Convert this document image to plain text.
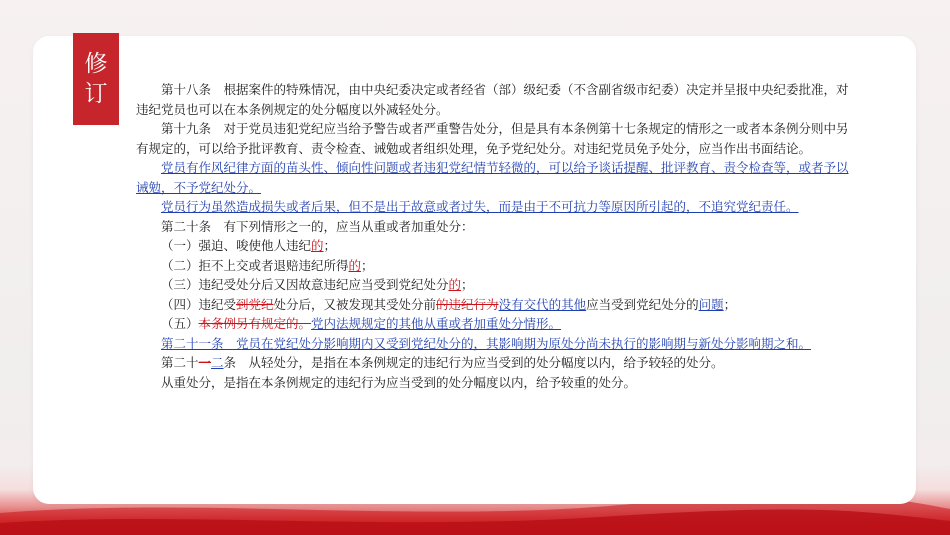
修
订	第十八条　根据案件的特殊情况，由中央纪委决定或者经省（部）级纪委（不含副省级市纪委）决定并呈报中央纪委批准，对违纪党员也可以在本条例规定的处分幅度以外减轻处分。

第十九条　对于党员违犯党纪应当给予警告或者严重警告处分，但是具有本条例第十七条规定的情形之一或者本条例分则中另有规定的，可以给予批评教育、责令检查、诫勉或者组织处理，免予党纪处分。对违纪党员免予处分，应当作出书面结论。

党员有作风纪律方面的苗头性、倾向性问题或者违犯党纪情节轻微的，可以给予谈话提醒、批评教育、责令检查等，或者予以诫勉，不予党纪处分。

党员行为虽然造成损失或者后果，但不是出于故意或者过失，而是由于不可抗力等原因所引起的，不追究党纪责任。

第二十条　有下列情形之一的，应当从重或者加重处分：

（一）强迫、唆使他人违纪的；

（二）拒不上交或者退赔违纪所得的；

（三）违纪受处分后又因故意违纪应当受到党纪处分的；

（四）违纪受到党纪处分后，又被发现其受处分前的违纪行为没有交代的其他应当受到党纪处分的问题；

（五）本条例另有规定的。党内法规规定的其他从重或者加重处分情形。

第二十一条　党员在党纪处分影响期内又受到党纪处分的，其影响期为原处分尚未执行的影响期与新处分影响期之和。

第二十一二条　从轻处分，是指在本条例规定的违纪行为应当受到的处分幅度以内，给予较轻的处分。

从重处分，是指在本条例规定的违纪行为应当受到的处分幅度以内，给予较重的处分。
